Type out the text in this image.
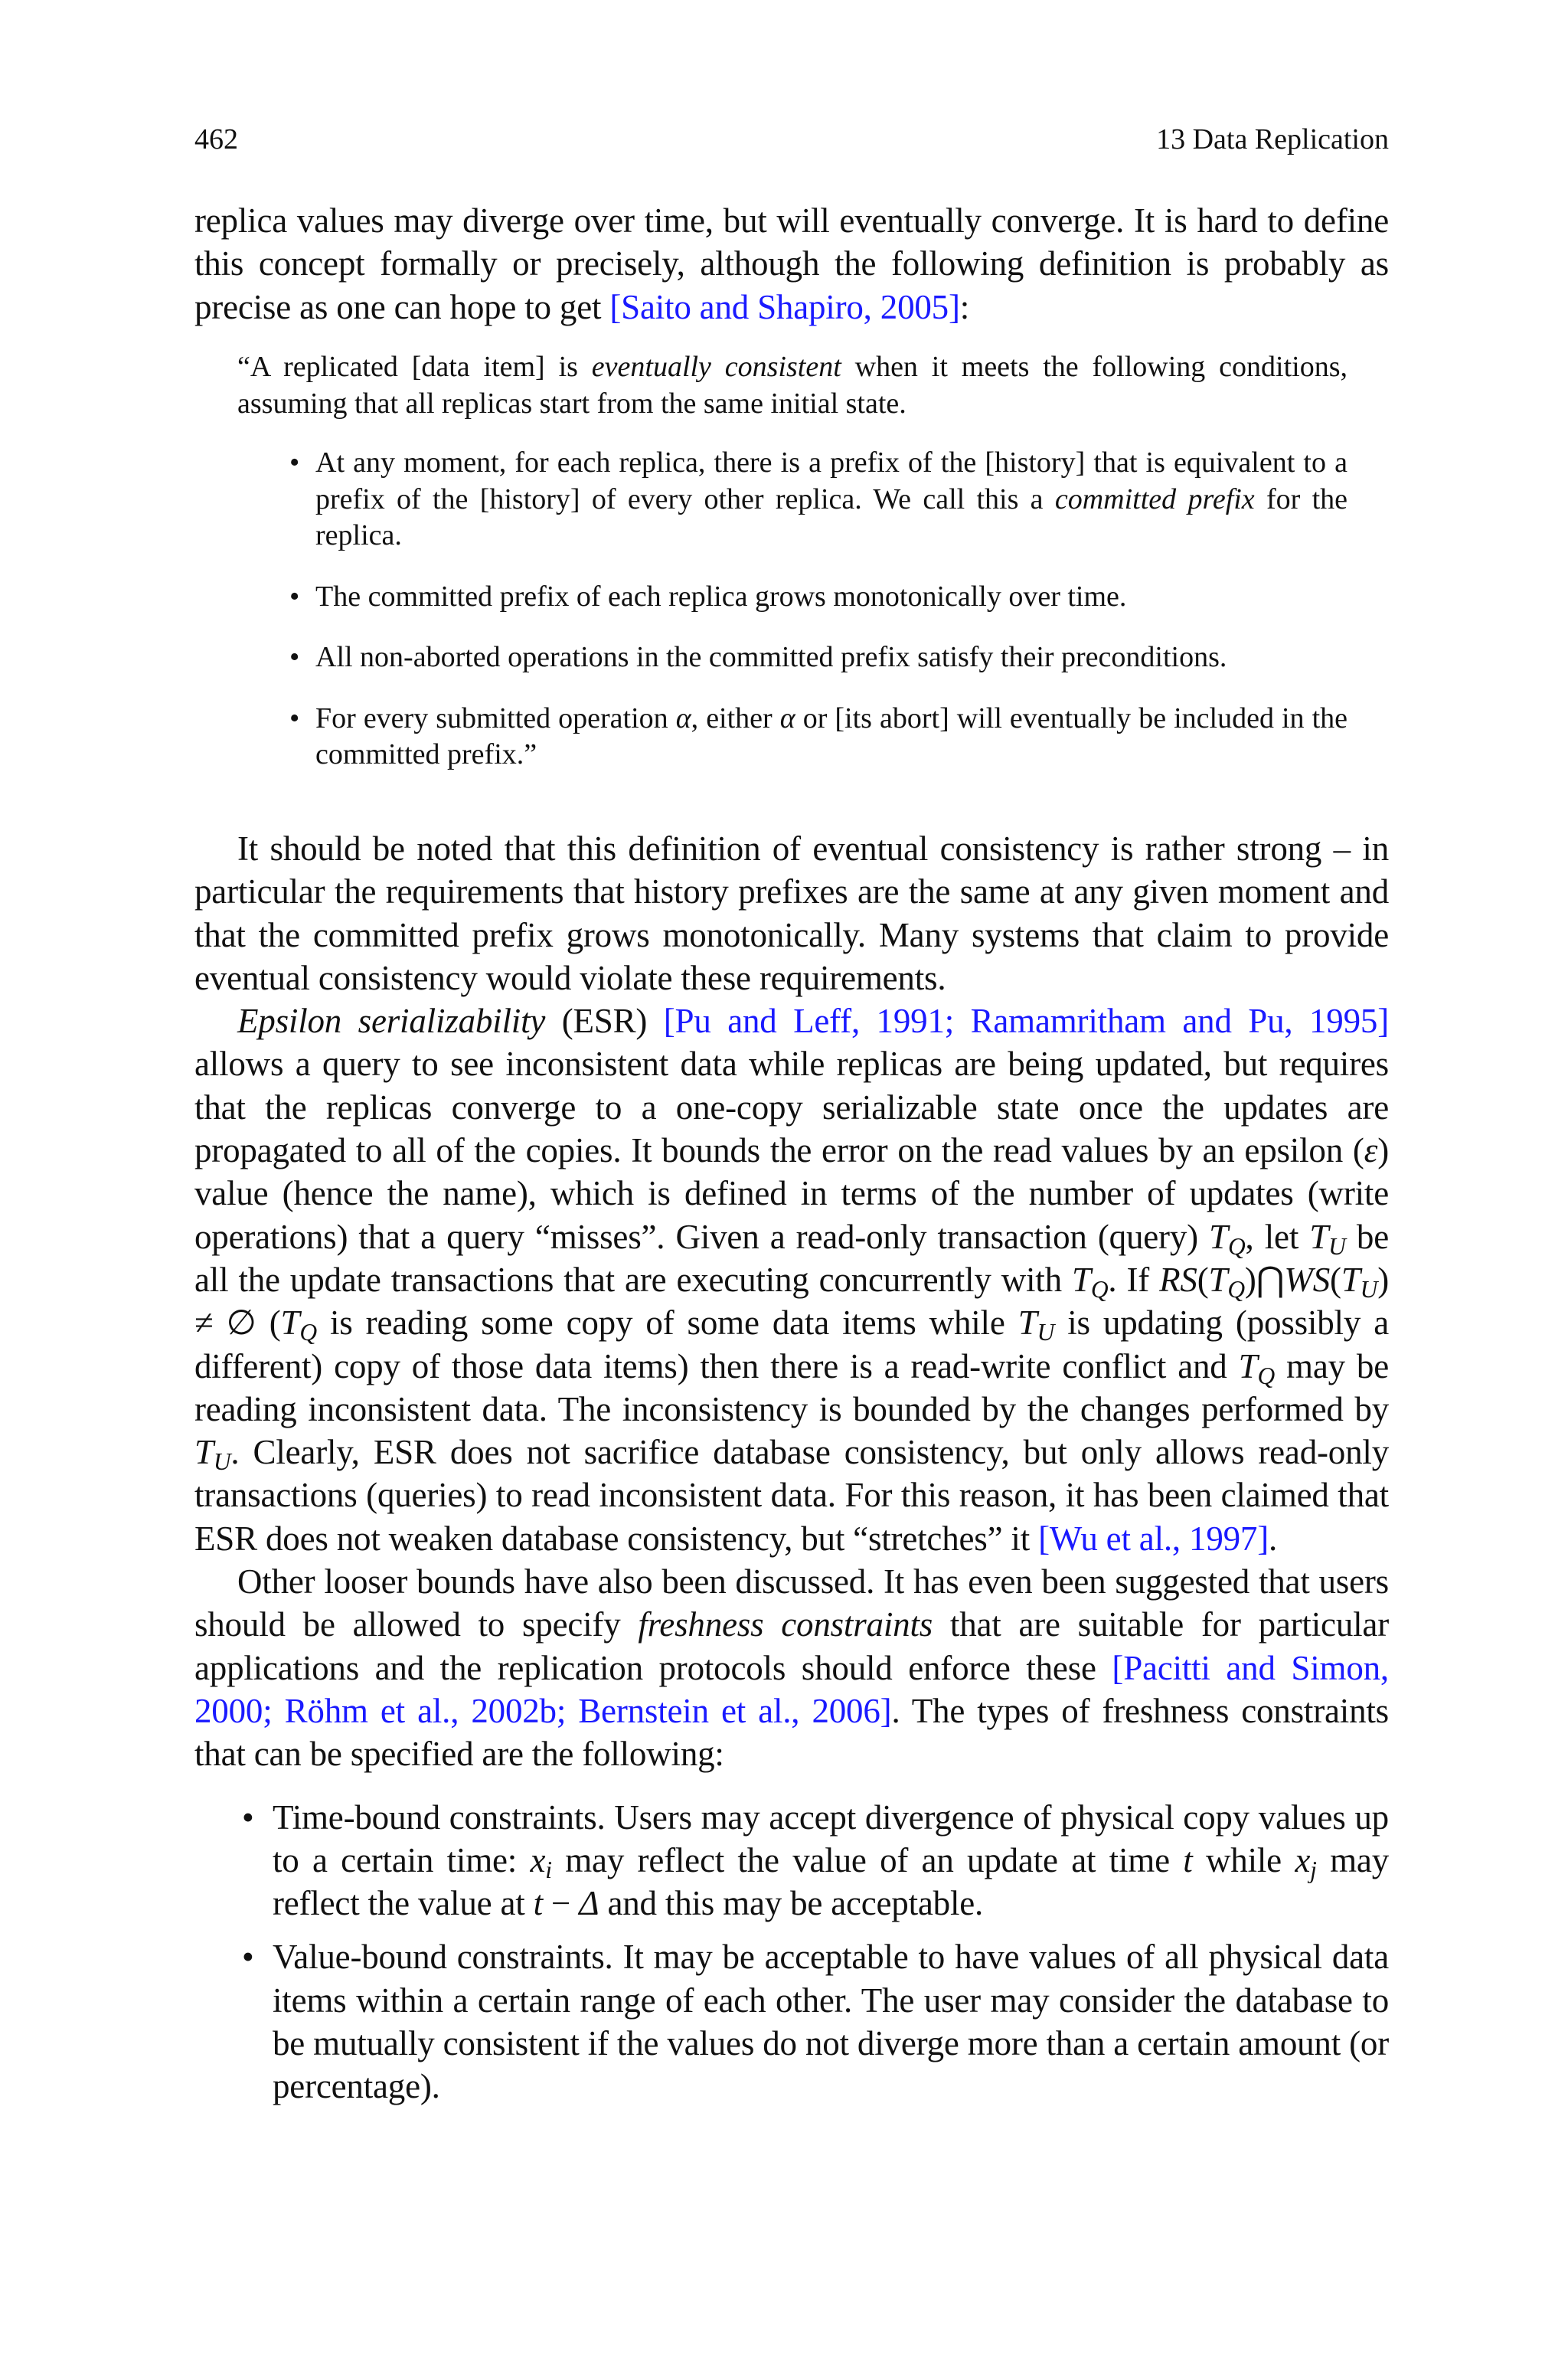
462	13 Data Replication

replica values may diverge over time, but will eventually converge. It is hard to define this concept formally or precisely, although the following definition is probably as precise as one can hope to get [Saito and Shapiro, 2005]:

“A replicated [data item] is eventually consistent when it meets the following conditions, assuming that all replicas start from the same initial state.

• At any moment, for each replica, there is a prefix of the [history] that is equivalent to a prefix of the [history] of every other replica. We call this a committed prefix for the replica.
• The committed prefix of each replica grows monotonically over time.
• All non-aborted operations in the committed prefix satisfy their preconditions.
• For every submitted operation α, either α or [its abort] will eventually be included in the committed prefix.”

It should be noted that this definition of eventual consistency is rather strong – in particular the requirements that history prefixes are the same at any given moment and that the committed prefix grows monotonically. Many systems that claim to provide eventual consistency would violate these requirements.

Epsilon serializability (ESR) [Pu and Leff, 1991; Ramamritham and Pu, 1995] allows a query to see inconsistent data while replicas are being updated, but requires that the replicas converge to a one-copy serializable state once the updates are propagated to all of the copies. It bounds the error on the read values by an epsilon (ε) value (hence the name), which is defined in terms of the number of updates (write operations) that a query “misses”. Given a read-only transaction (query) $T_Q$, let $T_U$ be all the update transactions that are executing concurrently with $T_Q$. If $RS(T_Q)⋂WS(T_U)$ ≠ ∅ ($T_Q$ is reading some copy of some data items while $T_U$ is updating (possibly a different) copy of those data items) then there is a read-write conflict and $T_Q$ may be reading inconsistent data. The inconsistency is bounded by the changes performed by $T_U$. Clearly, ESR does not sacrifice database consistency, but only allows read-only transactions (queries) to read inconsistent data. For this reason, it has been claimed that ESR does not weaken database consistency, but “stretches” it [Wu et al., 1997].

Other looser bounds have also been discussed. It has even been suggested that users should be allowed to specify freshness constraints that are suitable for particular applications and the replication protocols should enforce these [Pacitti and Simon, 2000; Röhm et al., 2002b; Bernstein et al., 2006]. The types of freshness constraints that can be specified are the following:

• Time-bound constraints. Users may accept divergence of physical copy values up to a certain time: $x_i$ may reflect the value of an update at time t while $x_j$ may reflect the value at t − Δ and this may be acceptable.
• Value-bound constraints. It may be acceptable to have values of all physical data items within a certain range of each other. The user may consider the database to be mutually consistent if the values do not diverge more than a certain amount (or percentage).
